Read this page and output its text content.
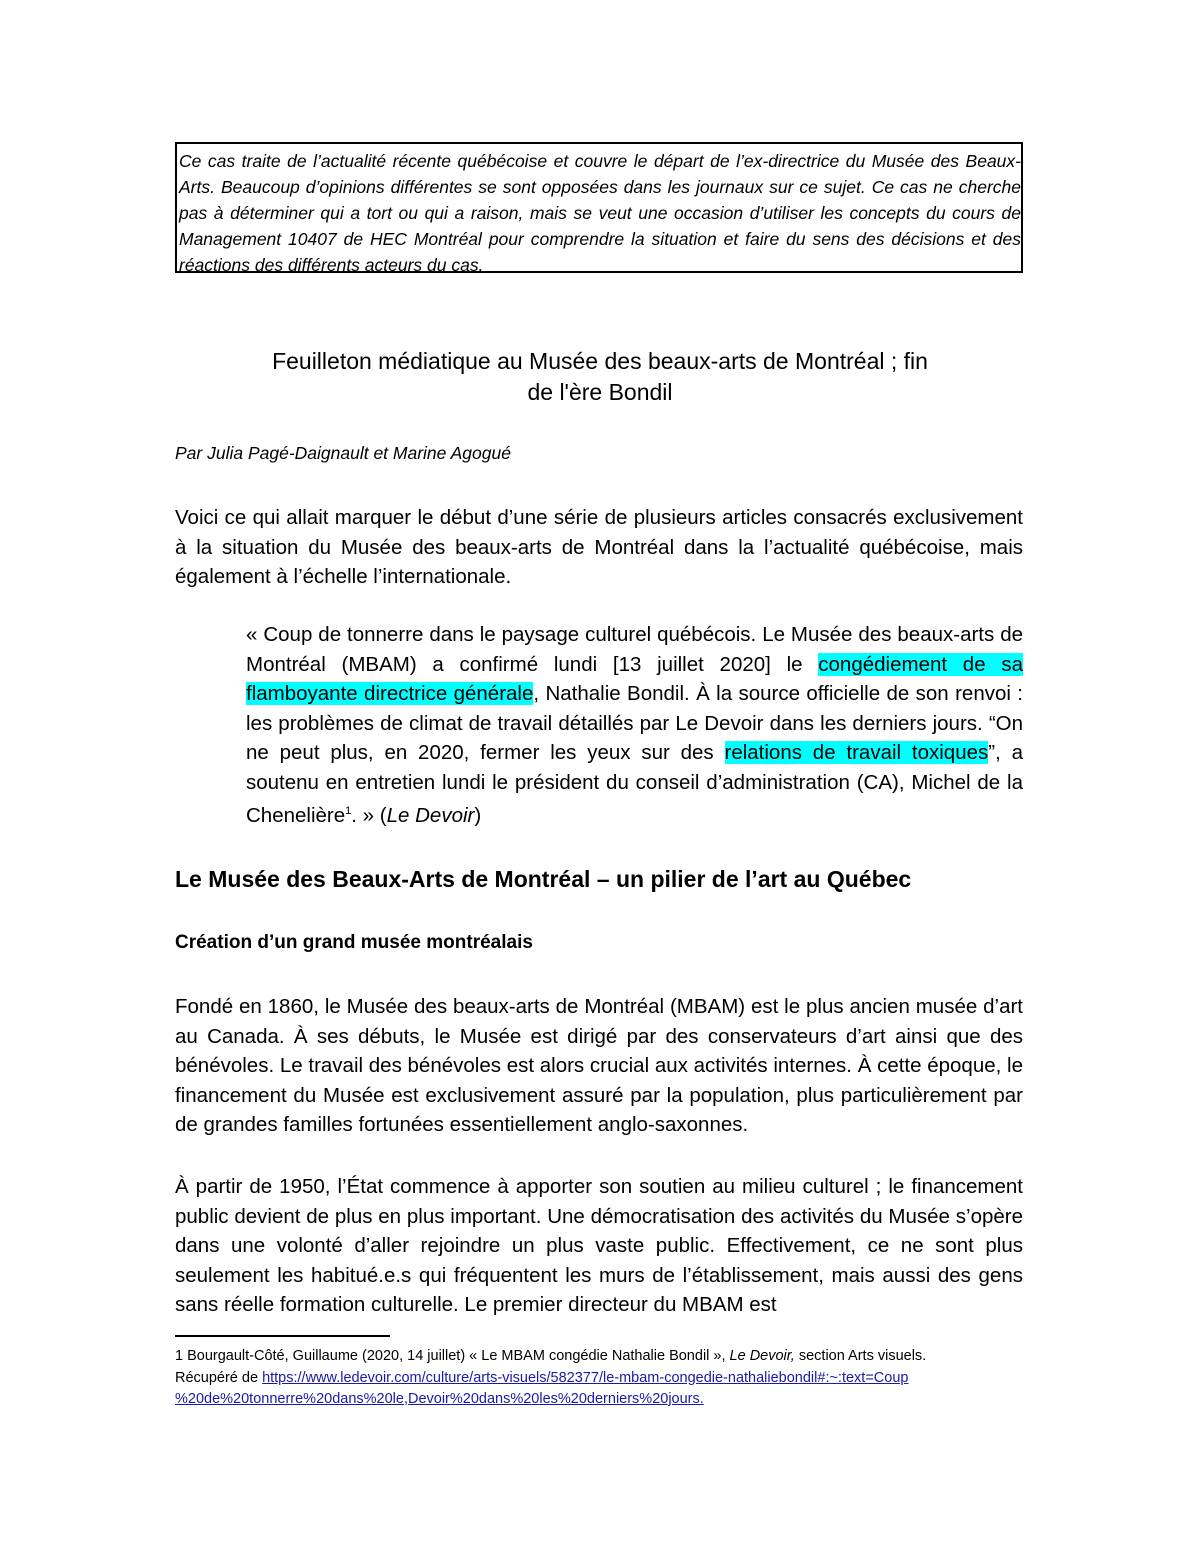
Ce cas traite de l’actualité récente québécoise et couvre le départ de l’ex-directrice du Musée des Beaux-Arts. Beaucoup d’opinions différentes se sont opposées dans les journaux sur ce sujet. Ce cas ne cherche pas à déterminer qui a tort ou qui a raison, mais se veut une occasion d’utiliser les concepts du cours de Management 10407 de HEC Montréal pour comprendre la situation et faire du sens des décisions et des réactions des différents acteurs du cas.
Feuilleton médiatique au Musée des beaux-arts de Montréal ; fin
de l'ère Bondil
Par Julia Pagé-Daignault et Marine Agogué

Voici ce qui allait marquer le début d’une série de plusieurs articles consacrés exclusivement à la situation du Musée des beaux-arts de Montréal dans la l’actualité québécoise, mais également à l’échelle l’internationale.

« Coup de tonnerre dans le paysage culturel québécois. Le Musée des beaux-arts de Montréal (MBAM) a confirmé lundi [13 juillet 2020] le congédiement de sa flamboyante directrice générale, Nathalie Bondil. À la source officielle de son renvoi : les problèmes de climat de travail détaillés par Le Devoir dans les derniers jours. “On ne peut plus, en 2020, fermer les yeux sur des relations de travail toxiques”, a soutenu en entretien lundi le président du conseil d’administration (CA), Michel de la Chenelière$^1$. » (Le Devoir)

Le Musée des Beaux-Arts de Montréal – un pilier de l’art au Québec
Création d’un grand musée montréalais

Fondé en 1860, le Musée des beaux-arts de Montréal (MBAM) est le plus ancien musée d’art au Canada. À ses débuts, le Musée est dirigé par des conservateurs d’art ainsi que des bénévoles. Le travail des bénévoles est alors crucial aux activités internes. À cette époque, le financement du Musée est exclusivement assuré par la population, plus particulièrement par de grandes familles fortunées essentiellement anglo-saxonnes.

À partir de 1950, l’État commence à apporter son soutien au milieu culturel ; le financement public devient de plus en plus important. Une démocratisation des activités du Musée s’opère dans une volonté d’aller rejoindre un plus vaste public. Effectivement, ce ne sont plus seulement les habitué.e.s qui fréquentent les murs de l’établissement, mais aussi des gens sans réelle formation culturelle. Le premier directeur du MBAM est

1 Bourgault-Côté, Guillaume (2020, 14 juillet) « Le MBAM congédie Nathalie Bondil », Le Devoir, section Arts visuels.
Récupéré de https://www.ledevoir.com/culture/arts-visuels/582377/le-mbam-congedie-nathaliebondil#:~:text=Coup
%20de%20tonnerre%20dans%20le,Devoir%20dans%20les%20derniers%20jours.
